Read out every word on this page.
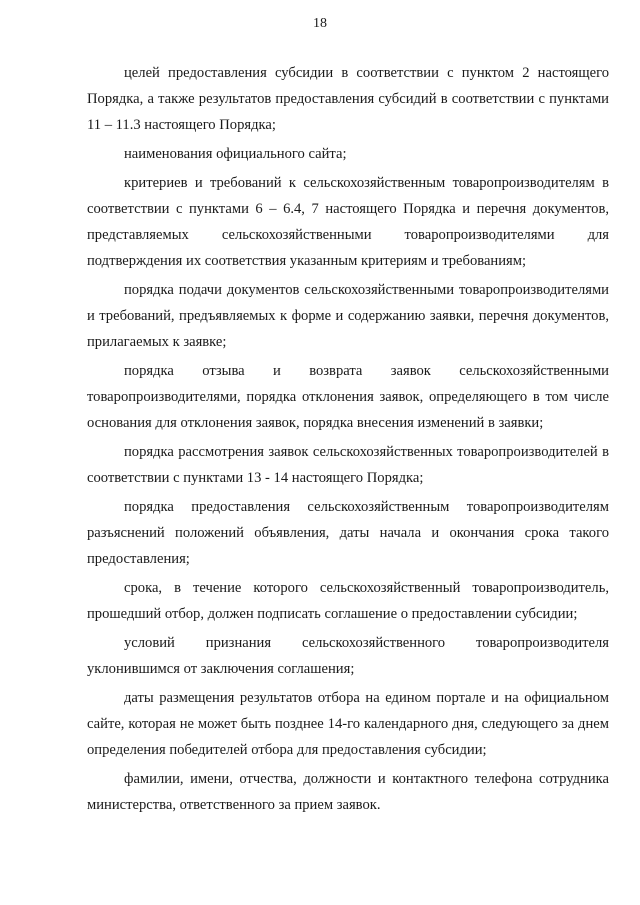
18

целей предоставления субсидии в соответствии с пунктом 2 настоящего Порядка, а также результатов предоставления субсидий в соответствии с пунктами 11 – 11.3 настоящего Порядка;

наименования официального сайта;

критериев и требований к сельскохозяйственным товаропроизводителям в соответствии с пунктами 6 – 6.4, 7 настоящего Порядка и перечня документов, представляемых сельскохозяйственными товаропроизводителями для подтверждения их соответствия указанным критериям и требованиям;

порядка подачи документов сельскохозяйственными товаропроизводителями и требований, предъявляемых к форме и содержанию заявки, перечня документов, прилагаемых к заявке;

порядка отзыва и возврата заявок сельскохозяйственными товаропроизводителями, порядка отклонения заявок, определяющего в том числе основания для отклонения заявок, порядка внесения изменений в заявки;

порядка рассмотрения заявок сельскохозяйственных товаропроизводителей в соответствии с пунктами 13 - 14 настоящего Порядка;

порядка предоставления сельскохозяйственным товаропроизводителям разъяснений положений объявления, даты начала и окончания срока такого предоставления;

срока, в течение которого сельскохозяйственный товаропроизводитель, прошедший отбор, должен подписать соглашение о предоставлении субсидии;

условий признания сельскохозяйственного товаропроизводителя уклонившимся от заключения соглашения;

даты размещения результатов отбора на едином портале и на официальном сайте, которая не может быть позднее 14-го календарного дня, следующего за днем определения победителей отбора для предоставления субсидии;

фамилии, имени, отчества, должности и контактного телефона сотрудника министерства, ответственного за прием заявок.
